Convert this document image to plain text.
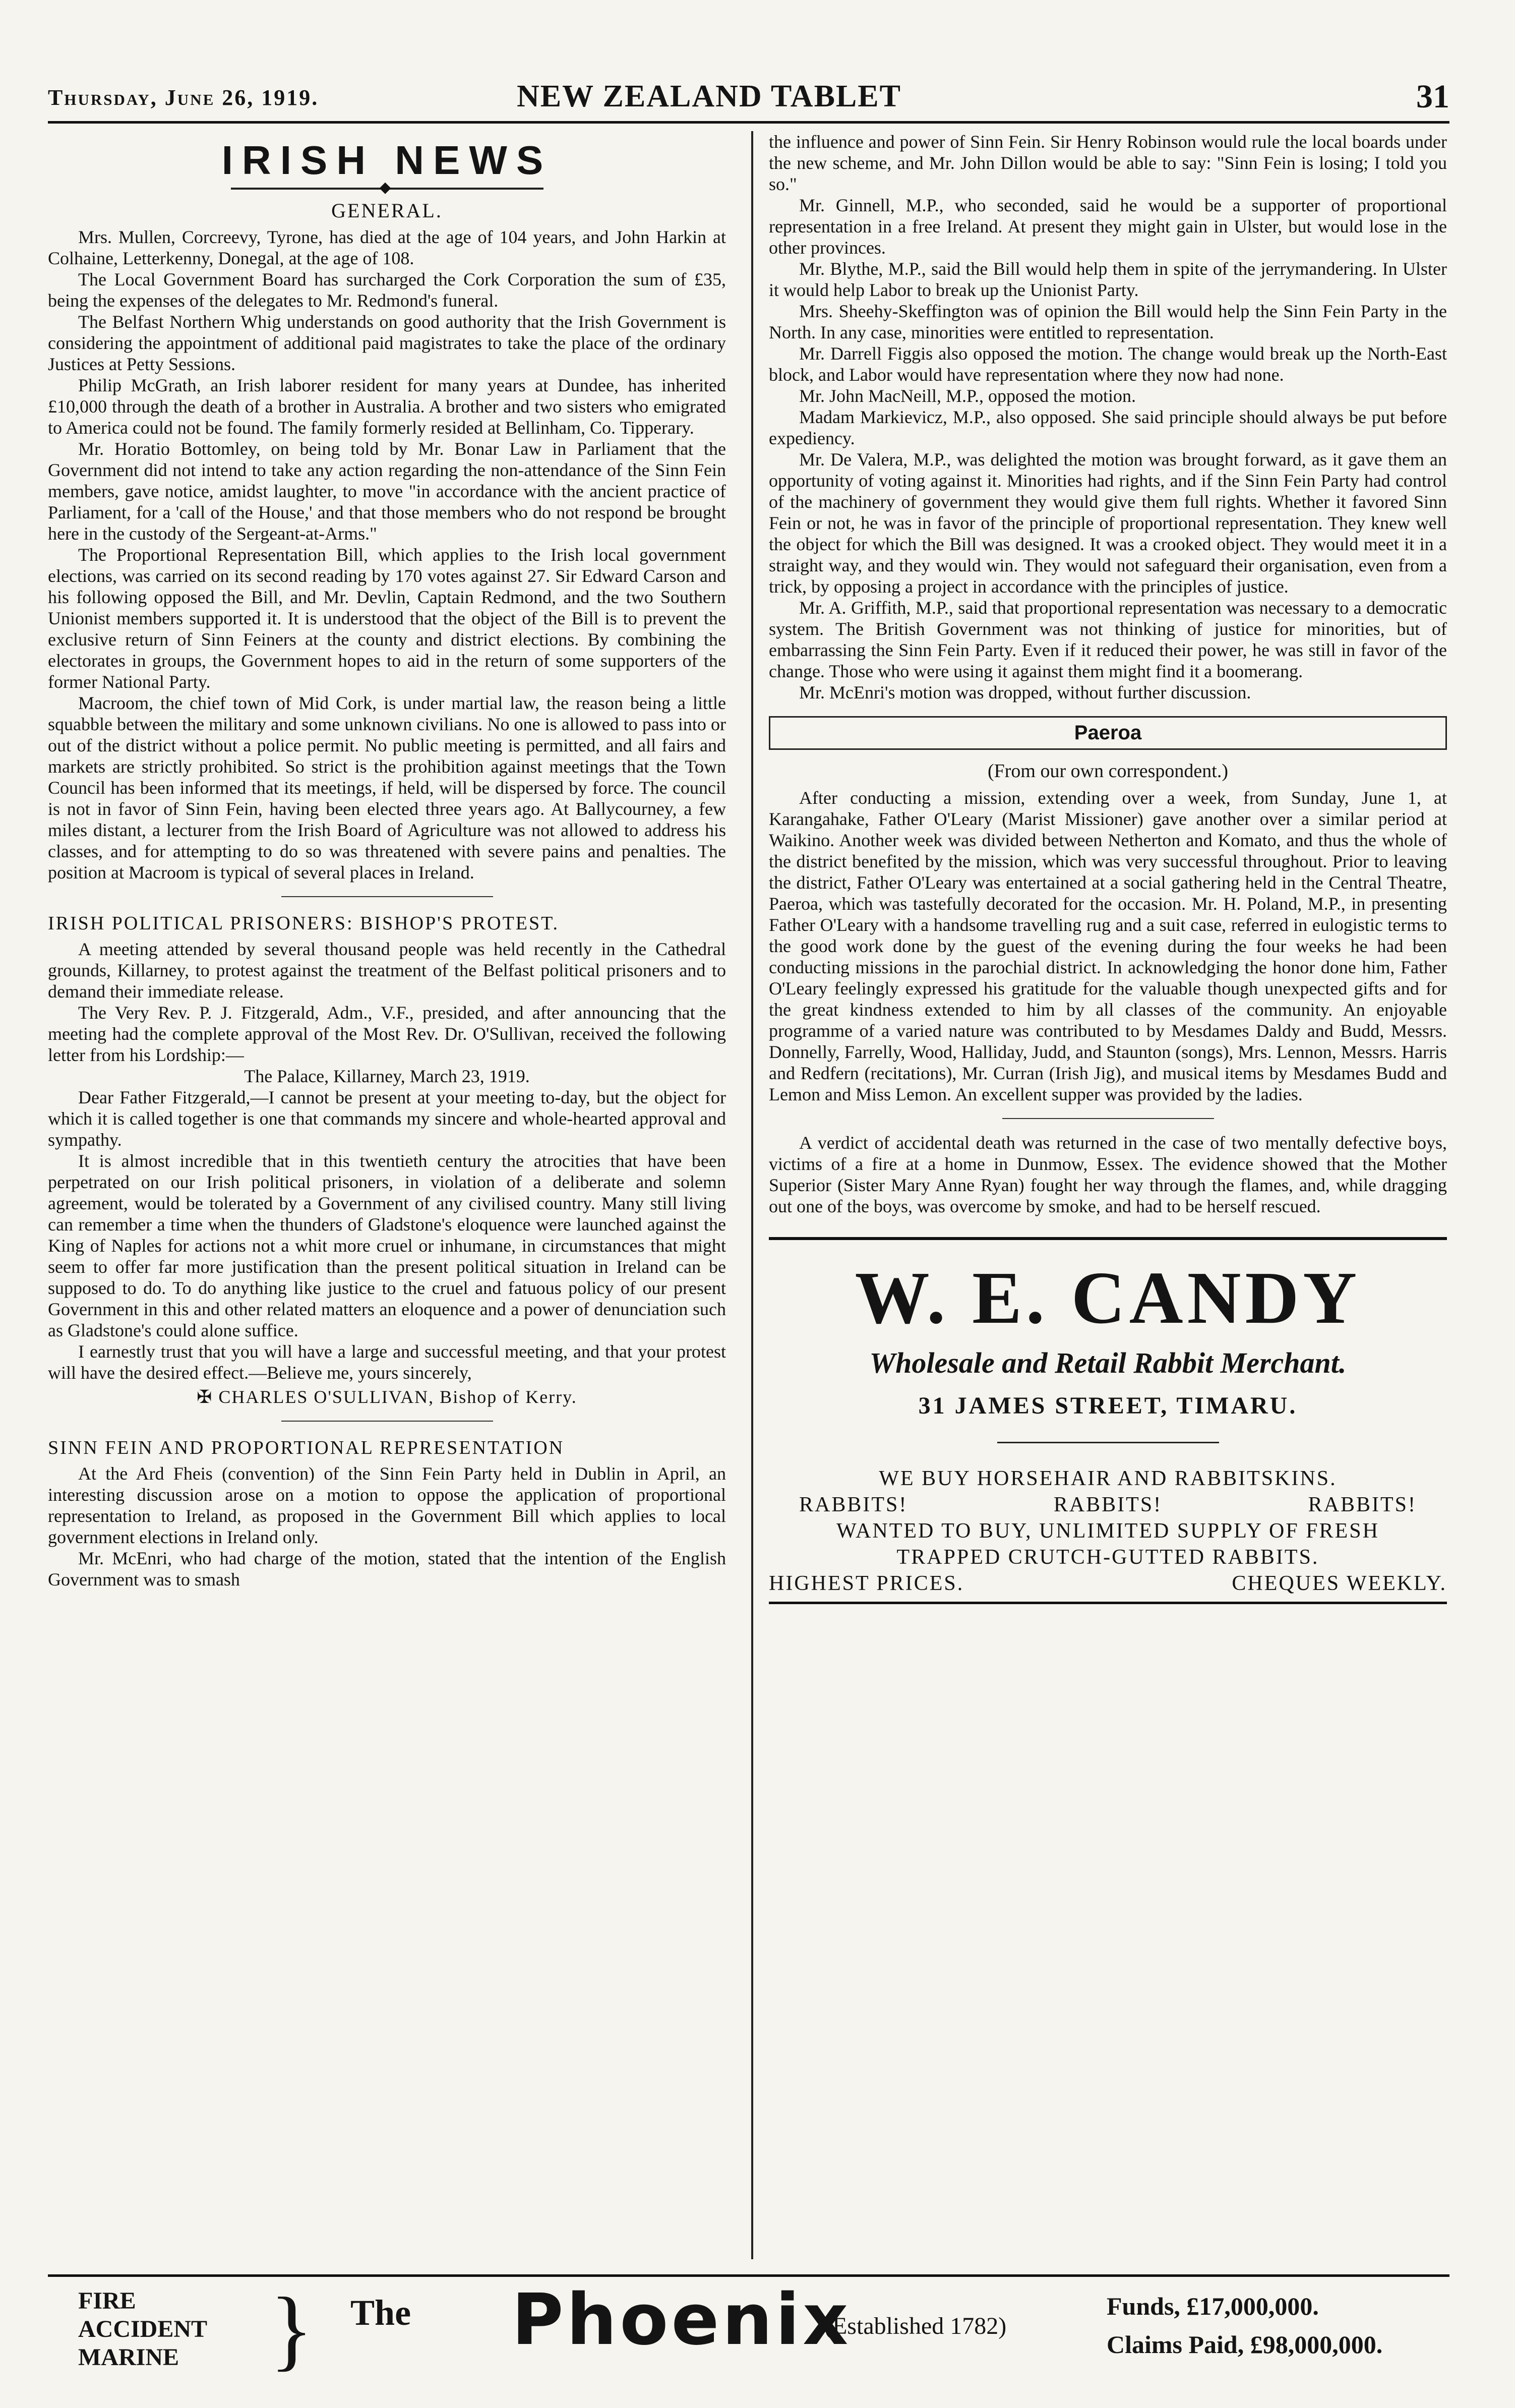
Thursday, June 26, 1919.	NEW ZEALAND TABLET	31
IRISH NEWS
◆
GENERAL.

Mrs. Mullen, Corcreevy, Tyrone, has died at the age of 104 years, and John Harkin at Colhaine, Letterkenny, Donegal, at the age of 108.

The Local Government Board has surcharged the Cork Corporation the sum of £35, being the expenses of the delegates to Mr. Redmond's funeral.

The Belfast Northern Whig understands on good authority that the Irish Government is considering the appointment of additional paid magistrates to take the place of the ordinary Justices at Petty Sessions.

Philip McGrath, an Irish laborer resident for many years at Dundee, has inherited £10,000 through the death of a brother in Australia. A brother and two sisters who emigrated to America could not be found. The family formerly resided at Bellinham, Co. Tipperary.

Mr. Horatio Bottomley, on being told by Mr. Bonar Law in Parliament that the Government did not intend to take any action regarding the non-attendance of the Sinn Fein members, gave notice, amidst laughter, to move "in accordance with the ancient practice of Parliament, for a 'call of the House,' and that those members who do not respond be brought here in the custody of the Sergeant-at-Arms."

The Proportional Representation Bill, which applies to the Irish local government elections, was carried on its second reading by 170 votes against 27. Sir Edward Carson and his following opposed the Bill, and Mr. Devlin, Captain Redmond, and the two Southern Unionist members supported it. It is understood that the object of the Bill is to prevent the exclusive return of Sinn Feiners at the county and district elections. By combining the electorates in groups, the Government hopes to aid in the return of some supporters of the former National Party.

Macroom, the chief town of Mid Cork, is under martial law, the reason being a little squabble between the military and some unknown civilians. No one is allowed to pass into or out of the district without a police permit. No public meeting is permitted, and all fairs and markets are strictly prohibited. So strict is the prohibition against meetings that the Town Council has been informed that its meetings, if held, will be dispersed by force. The council is not in favor of Sinn Fein, having been elected three years ago. At Ballycourney, a few miles distant, a lecturer from the Irish Board of Agriculture was not allowed to address his classes, and for attempting to do so was threatened with severe pains and penalties. The position at Macroom is typical of several places in Ireland.

IRISH POLITICAL PRISONERS: BISHOP'S PROTEST.

A meeting attended by several thousand people was held recently in the Cathedral grounds, Killarney, to protest against the treatment of the Belfast political prisoners and to demand their immediate release.

The Very Rev. P. J. Fitzgerald, Adm., V.F., presided, and after announcing that the meeting had the complete approval of the Most Rev. Dr. O'Sullivan, received the following letter from his Lordship:—

The Palace, Killarney, March 23, 1919.

Dear Father Fitzgerald,—I cannot be present at your meeting to-day, but the object for which it is called together is one that commands my sincere and whole-hearted approval and sympathy.

It is almost incredible that in this twentieth century the atrocities that have been perpetrated on our Irish political prisoners, in violation of a deliberate and solemn agreement, would be tolerated by a Government of any civilised country. Many still living can remember a time when the thunders of Gladstone's eloquence were launched against the King of Naples for actions not a whit more cruel or inhumane, in circumstances that might seem to offer far more justification than the present political situation in Ireland can be supposed to do. To do anything like justice to the cruel and fatuous policy of our present Government in this and other related matters an eloquence and a power of denunciation such as Gladstone's could alone suffice.

I earnestly trust that you will have a large and successful meeting, and that your protest will have the desired effect.—Believe me, yours sincerely,

✠ CHARLES O'SULLIVAN, Bishop of Kerry.
SINN FEIN AND PROPORTIONAL REPRESENTATION

At the Ard Fheis (convention) of the Sinn Fein Party held in Dublin in April, an interesting discussion arose on a motion to oppose the application of proportional representation to Ireland, as proposed in the Government Bill which applies to local government elections in Ireland only.

Mr. McEnri, who had charge of the motion, stated that the intention of the English Government was to smash

the influence and power of Sinn Fein. Sir Henry Robinson would rule the local boards under the new scheme, and Mr. John Dillon would be able to say: "Sinn Fein is losing; I told you so."

Mr. Ginnell, M.P., who seconded, said he would be a supporter of proportional representation in a free Ireland. At present they might gain in Ulster, but would lose in the other provinces.

Mr. Blythe, M.P., said the Bill would help them in spite of the jerrymandering. In Ulster it would help Labor to break up the Unionist Party.

Mrs. Sheehy-Skeffington was of opinion the Bill would help the Sinn Fein Party in the North. In any case, minorities were entitled to representation.

Mr. Darrell Figgis also opposed the motion. The change would break up the North-East block, and Labor would have representation where they now had none.

Mr. John MacNeill, M.P., opposed the motion.

Madam Markievicz, M.P., also opposed. She said principle should always be put before expediency.

Mr. De Valera, M.P., was delighted the motion was brought forward, as it gave them an opportunity of voting against it. Minorities had rights, and if the Sinn Fein Party had control of the machinery of government they would give them full rights. Whether it favored Sinn Fein or not, he was in favor of the principle of proportional representation. They knew well the object for which the Bill was designed. It was a crooked object. They would meet it in a straight way, and they would win. They would not safeguard their organisation, even from a trick, by opposing a project in accordance with the principles of justice.

Mr. A. Griffith, M.P., said that proportional representation was necessary to a democratic system. The British Government was not thinking of justice for minorities, but of embarrassing the Sinn Fein Party. Even if it reduced their power, he was still in favor of the change. Those who were using it against them might find it a boomerang.

Mr. McEnri's motion was dropped, without further discussion.

Paeroa
(From our own correspondent.)

After conducting a mission, extending over a week, from Sunday, June 1, at Karangahake, Father O'Leary (Marist Missioner) gave another over a similar period at Waikino. Another week was divided between Netherton and Komato, and thus the whole of the district benefited by the mission, which was very successful throughout. Prior to leaving the district, Father O'Leary was entertained at a social gathering held in the Central Theatre, Paeroa, which was tastefully decorated for the occasion. Mr. H. Poland, M.P., in presenting Father O'Leary with a handsome travelling rug and a suit case, referred in eulogistic terms to the good work done by the guest of the evening during the four weeks he had been conducting missions in the parochial district. In acknowledging the honor done him, Father O'Leary feelingly expressed his gratitude for the valuable though unexpected gifts and for the great kindness extended to him by all classes of the community. An enjoyable programme of a varied nature was contributed to by Mesdames Daldy and Budd, Messrs. Donnelly, Farrelly, Wood, Halliday, Judd, and Staunton (songs), Mrs. Lennon, Messrs. Harris and Redfern (recitations), Mr. Curran (Irish Jig), and musical items by Mesdames Budd and Lemon and Miss Lemon. An excellent supper was provided by the ladies.

A verdict of accidental death was returned in the case of two mentally defective boys, victims of a fire at a home in Dunmow, Essex. The evidence showed that the Mother Superior (Sister Mary Anne Ryan) fought her way through the flames, and, while dragging out one of the boys, was overcome by smoke, and had to be herself rescued.

W. E. CANDY
Wholesale and Retail Rabbit Merchant.
31 JAMES STREET, TIMARU.
WE BUY HORSEHAIR AND RABBITSKINS.
RABBITS!	RABBITS!	RABBITS!
WANTED TO BUY, UNLIMITED SUPPLY OF FRESH
TRAPPED CRUTCH-GUTTED RABBITS.
HIGHEST PRICES.	CHEQUES WEEKLY.
FIRE
ACCIDENT
MARINE	} The Phoenix
(Established 1782)
Funds, £17,000,000.
Claims Paid, £98,000,000.
